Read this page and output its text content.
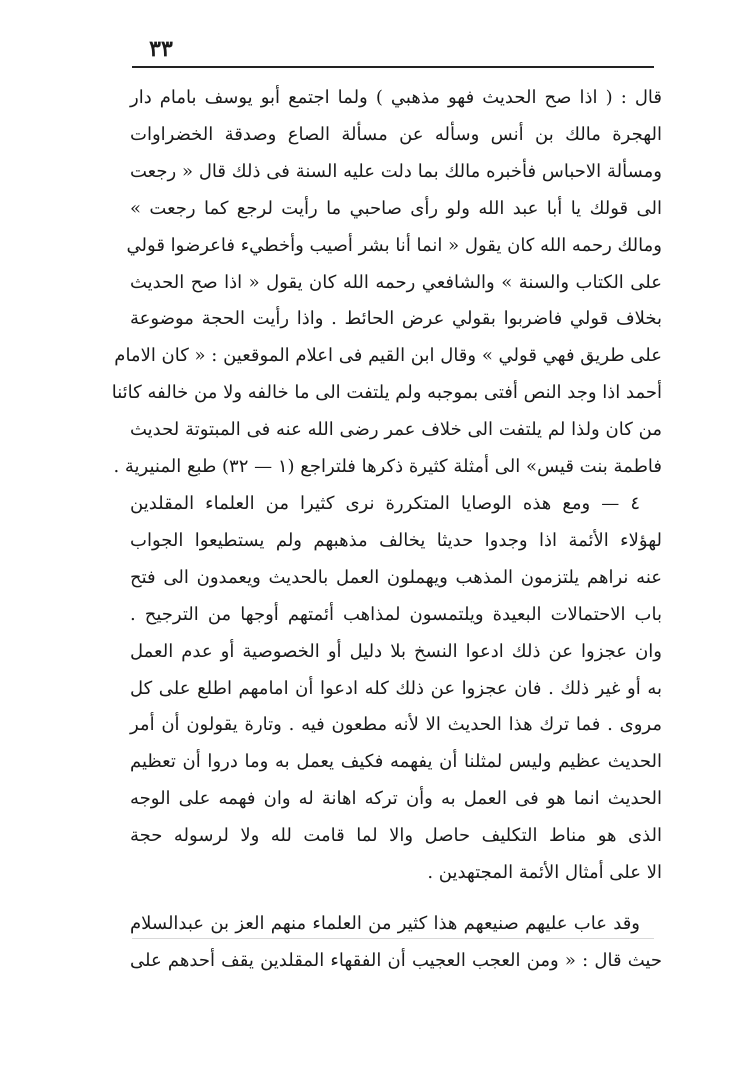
٣٣
قال : ( اذا صح الحديث فهو مذهبي ) ولما اجتمع أبو يوسف بامام دار
الهجرة مالك بن أنس وسأله عن مسألة الصاع وصدقة الخضراوات
ومسألة الاحباس فأخبره مالك بما دلت عليه السنة فى ذلك قال « رجعت
الى قولك يا أبا عبد الله ولو رأى صاحبي ما رأيت لرجع كما رجعت »
ومالك رحمه الله كان يقول « انما أنا بشر أصيب وأخطيء فاعرضوا قولي
على الكتاب والسنة » والشافعي رحمه الله كان يقول « اذا صح الحديث
بخلاف قولي فاضربوا بقولي عرض الحائط . واذا رأيت الحجة موضوعة
على طريق فهي قولي » وقال ابن القيم فى اعلام الموقعين : « كان الامام
أحمد اذا وجد النص أفتى بموجبه ولم يلتفت الى ما خالفه ولا من خالفه كائنا
من كان ولذا لم يلتفت الى خلاف عمر رضى الله عنه فى المبتوتة لحديث
فاطمة بنت قيس» الى أمثلة كثيرة ذكرها فلتراجع (١ — ٣٢) طبع المنيرية .
٤ — ومع هذه الوصايا المتكررة نرى كثيرا من العلماء المقلدين
لهؤلاء الأئمة اذا وجدوا حديثا يخالف مذهبهم ولم يستطيعوا الجواب
عنه نراهم يلتزمون المذهب ويهملون العمل بالحديث ويعمدون الى فتح
باب الاحتمالات البعيدة ويلتمسون لمذاهب أئمتهم أوجها من الترجيح .
وان عجزوا عن ذلك ادعوا النسخ بلا دليل أو الخصوصية أو عدم العمل
به أو غير ذلك . فان عجزوا عن ذلك كله ادعوا أن امامهم اطلع على كل
مروى . فما ترك هذا الحديث الا لأنه مطعون فيه . وتارة يقولون أن أمر
الحديث عظيم وليس لمثلنا أن يفهمه فكيف يعمل به وما دروا أن تعظيم
الحديث انما هو فى العمل به وأن تركه اهانة له وان فهمه على الوجه
الذى هو مناط التكليف حاصل والا لما قامت لله ولا لرسوله حجة
الا على أمثال الأئمة المجتهدين .
وقد عاب عليهم صنيعهم هذا كثير من العلماء منهم العز بن عبدالسلام
حيث قال : « ومن العجب العجيب أن الفقهاء المقلدين يقف أحدهم على
